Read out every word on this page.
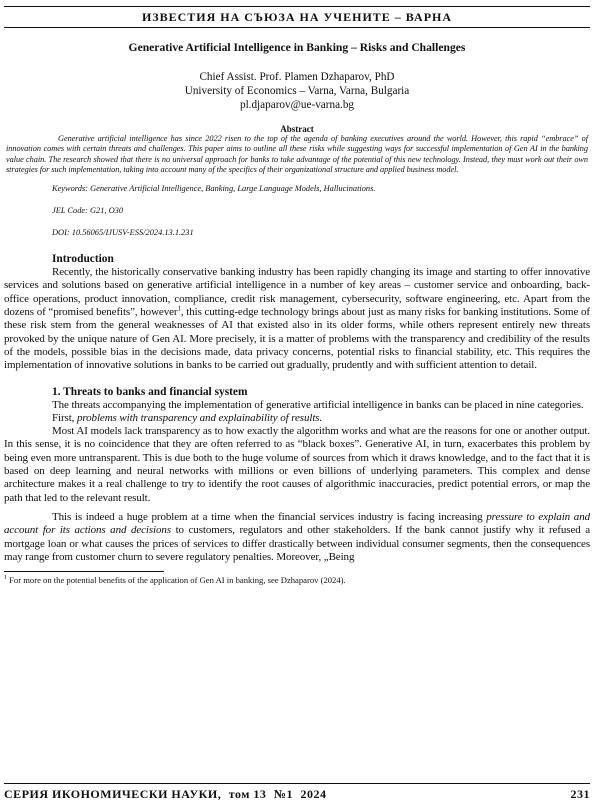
ИЗВЕСТИЯ НА СЪЮЗА НА УЧЕНИТЕ – ВАРНА
Generative Artificial Intelligence in Banking – Risks and Challenges
Chief Assist. Prof. Plamen Dzhaparov, PhD
University of Economics – Varna, Varna, Bulgaria
pl.djaparov@ue-varna.bg
Abstract
Generative artificial intelligence has since 2022 risen to the top of the agenda of banking executives around the world. However, this rapid “embrace” of innovation comes with certain threats and challenges. This paper aims to outline all these risks while suggesting ways for successful implementation of Gen AI in the banking value chain. The research showed that there is no universal approach for banks to take advantage of the potential of this new technology. Instead, they must work out their own strategies for such implementation, taking into account many of the specifics of their organizational structure and applied business model.
Keywords: Generative Artificial Intelligence, Banking, Large Language Models, Hallucinations.
JEL Code: G21, O30
DOI: 10.56065/IJUSV-ESS/2024.13.1.231
Introduction

Recently, the historically conservative banking industry has been rapidly changing its image and starting to offer innovative services and solutions based on generative artificial intelligence in a number of key areas – customer service and onboarding, back-office operations, product innovation, compliance, credit risk management, cybersecurity, software engineering, etc. Apart from the dozens of “promised benefits”, however$^1$, this cutting-edge technology brings about just as many risks for banking institutions. Some of these risk stem from the general weaknesses of AI that existed also in its older forms, while others represent entirely new threats provoked by the unique nature of Gen AI. More precisely, it is a matter of problems with the transparency and credibility of the results of the models, possible bias in the decisions made, data privacy concerns, potential risks to financial stability, etc. This requires the implementation of innovative solutions in banks to be carried out gradually, prudently and with sufficient attention to detail.

1. Threats to banks and financial system

The threats accompanying the implementation of generative artificial intelligence in banks can be placed in nine categories.

First, problems with transparency and explainability of results.

Most AI models lack transparency as to how exactly the algorithm works and what are the reasons for one or another output. In this sense, it is no coincidence that they are often referred to as “black boxes”. Generative AI, in turn, exacerbates this problem by being even more untransparent. This is due both to the huge volume of sources from which it draws knowledge, and to the fact that it is based on deep learning and neural networks with millions or even billions of underlying parameters. This complex and dense architecture makes it a real challenge to try to identify the root causes of algorithmic inaccuracies, predict potential errors, or map the path that led to the relevant result.

This is indeed a huge problem at a time when the financial services industry is facing increasing pressure to explain and account for its actions and decisions to customers, regulators and other stakeholders. If the bank cannot justify why it refused a mortgage loan or what causes the prices of services to differ drastically between individual consumer segments, then the consequences may range from customer churn to severe regulatory penalties. Moreover, „Being

$^1$ For more on the potential benefits of the application of Gen AI in banking, see Dzhaparov (2024).
СЕРИЯ ИКОНОМИЧЕСКИ НАУКИ, том 13 №1 2024	231
